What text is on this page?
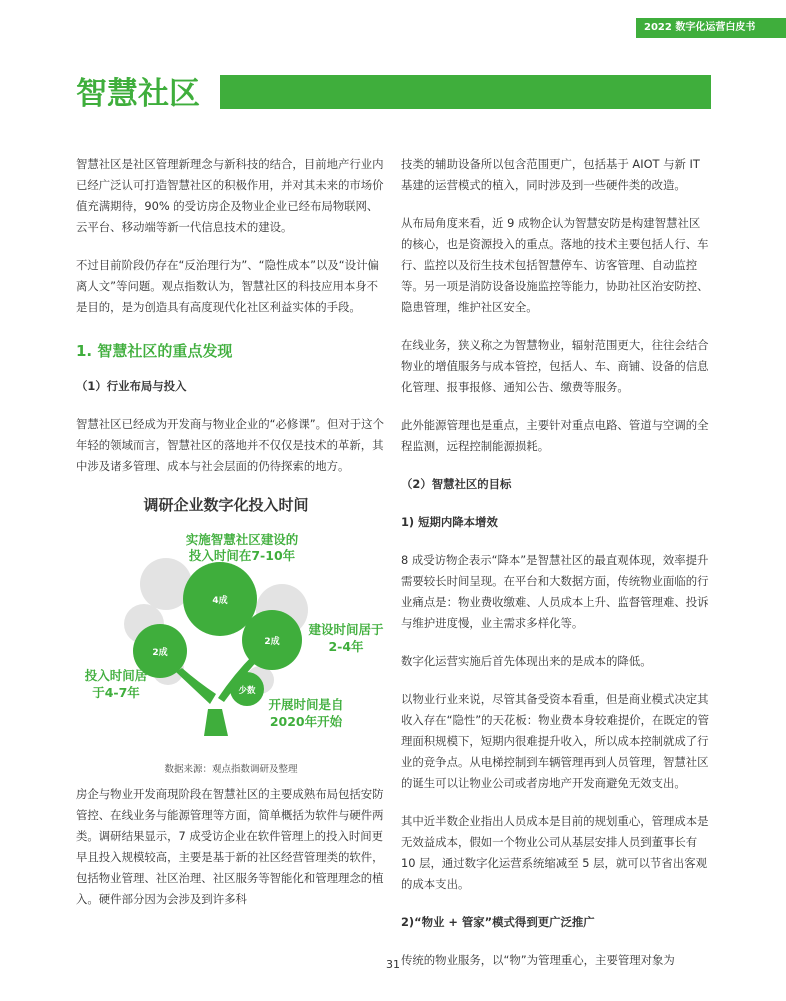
2022 数字化运营白皮书
智慧社区

智慧社区是社区管理新理念与新科技的结合，目前地产行业内已经广泛认可打造智慧社区的积极作用，并对其未来的市场价值充满期待，90% 的受访房企及物业企业已经布局物联网、云平台、移动端等新一代信息技术的建设。

不过目前阶段仍存在“反治理行为”、“隐性成本”以及“设计偏离人文”等问题。观点指数认为，智慧社区的科技应用本身不是目的，是为创造具有高度现代化社区利益实体的手段。

1. 智慧社区的重点发现
（1）行业布局与投入

智慧社区已经成为开发商与物业企业的“必修课”。但对于这个年轻的领域而言，智慧社区的落地并不仅仅是技术的革新，其中涉及诸多管理、成本与社会层面的仍待探索的地方。

调研企业数字化投入时间
4成
2成
2成
少数
实施智慧社区建设的
投入时间在7-10年
建设时间居于
2-4年
投入时间居
于4-7年
开展时间是自
2020年开始
数据来源：观点指数调研及整理

房企与物业开发商現阶段在智慧社区的主要成熟布局包括安防管控、在线业务与能源管理等方面，简单概括为软件与硬件两类。调研结果显示，7 成受访企业在软件管理上的投入时间更早且投入规模较高，主要是基于新的社区经营管理类的软件，包括物业管理、社区治理、社区服务等智能化和管理理念的植入。硬件部分因为会涉及到许多科

技类的辅助设备所以包含范围更广，包括基于 AIOT 与新 IT 基建的运营模式的植入，同时涉及到一些硬件类的改造。

从布局角度来看，近 9 成物企认为智慧安防是构建智慧社区的核心，也是资源投入的重点。落地的技术主要包括人行、车行、监控以及衍生技术包括智慧停车、访客管理、自动监控等。另一项是消防设备设施监控等能力，协助社区治安防控、隐患管理，维护社区安全。

在线业务，狭义称之为智慧物业，辐射范围更大，往往会结合物业的增值服务与成本管控，包括人、车、商铺、设备的信息化管理、报事报修、通知公告、缴费等服务。

此外能源管理也是重点，主要针对重点电路、管道与空调的全程监测，远程控制能源损耗。

（2）智慧社区的目标
1) 短期内降本增效

8 成受访物企表示“降本”是智慧社区的最直观体现，效率提升需要较长时间呈现。在平台和大数据方面，传统物业面临的行业痛点是：物业费收缴难、人员成本上升、监督管理难、投诉与维护进度慢，业主需求多样化等。

数字化运营实施后首先体现出来的是成本的降低。

以物业行业来说，尽管其备受资本看重，但是商业模式决定其收入存在“隐性”的天花板：物业费本身较难提价，在既定的管理面积规模下，短期内很难提升收入，所以成本控制就成了行业的竞争点。从电梯控制到车辆管理再到人员管理，智慧社区的诞生可以让物业公司或者房地产开发商避免无效支出。

其中近半数企业指出人员成本是目前的规划重心，管理成本是无效益成本，假如一个物业公司从基层安排人员到董事长有 10 层，通过数字化运营系统缩减至 5 层，就可以节省出客观的成本支出。

2)“物业 + 管家”模式得到更广泛推广

传统的物业服务，以“物”为管理重心，主要管理对象为

31
